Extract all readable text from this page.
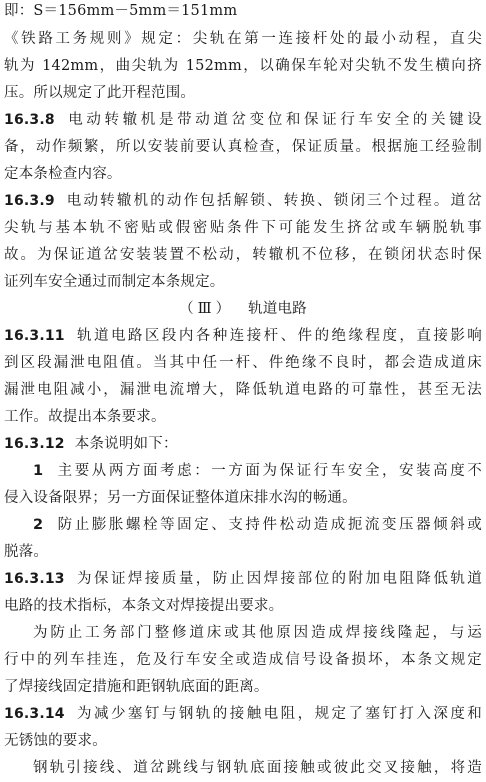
即：S＝156mm－5mm＝151mm
《铁路工务规则》规定：尖轨在第一连接杆处的最小动程，直尖
轨为 142mm，曲尖轨为 152mm，以确保车轮对尖轨不发生横向挤
压。所以规定了此开程范围。
16.3.8 电动转辙机是带动道岔变位和保证行车安全的关键设
备，动作频繁，所以安装前要认真检查，保证质量。根据施工经验制
定本条检查内容。
16.3.9 电动转辙机的动作包括解锁、转换、锁闭三个过程。道岔
尖轨与基本轨不密贴或假密贴条件下可能发生挤岔或车辆脱轨事
故。为保证道岔安装装置不松动，转辙机不位移，在锁闭状态时保
证列车安全通过而制定本条规定。
（Ⅲ） 轨道电路
16.3.11 轨道电路区段内各种连接杆、件的绝缘程度，直接影响
到区段漏泄电阻值。当其中任一杆、件绝缘不良时，都会造成道床
漏泄电阻减小，漏泄电流增大，降低轨道电路的可靠性，甚至无法
工作。故提出本条要求。
16.3.12 本条说明如下：
1 主要从两方面考虑：一方面为保证行车安全，安装高度不
侵入设备限界；另一方面保证整体道床排水沟的畅通。
2 防止膨胀螺栓等固定、支持件松动造成扼流变压器倾斜或
脱落。
16.3.13 为保证焊接质量，防止因焊接部位的附加电阻降低轨道
电路的技术指标，本条文对焊接提出要求。
为防止工务部门整修道床或其他原因造成焊接线隆起，与运
行中的列车挂连，危及行车安全或造成信号设备损坏，本条文规定
了焊接线固定措施和距钢轨底面的距离。
16.3.14 为减少塞钉与钢轨的接触电阻，规定了塞钉打入深度和
无锈蚀的要求。
钢轨引接线、道岔跳线与钢轨底面接触或彼此交叉接触，将造
